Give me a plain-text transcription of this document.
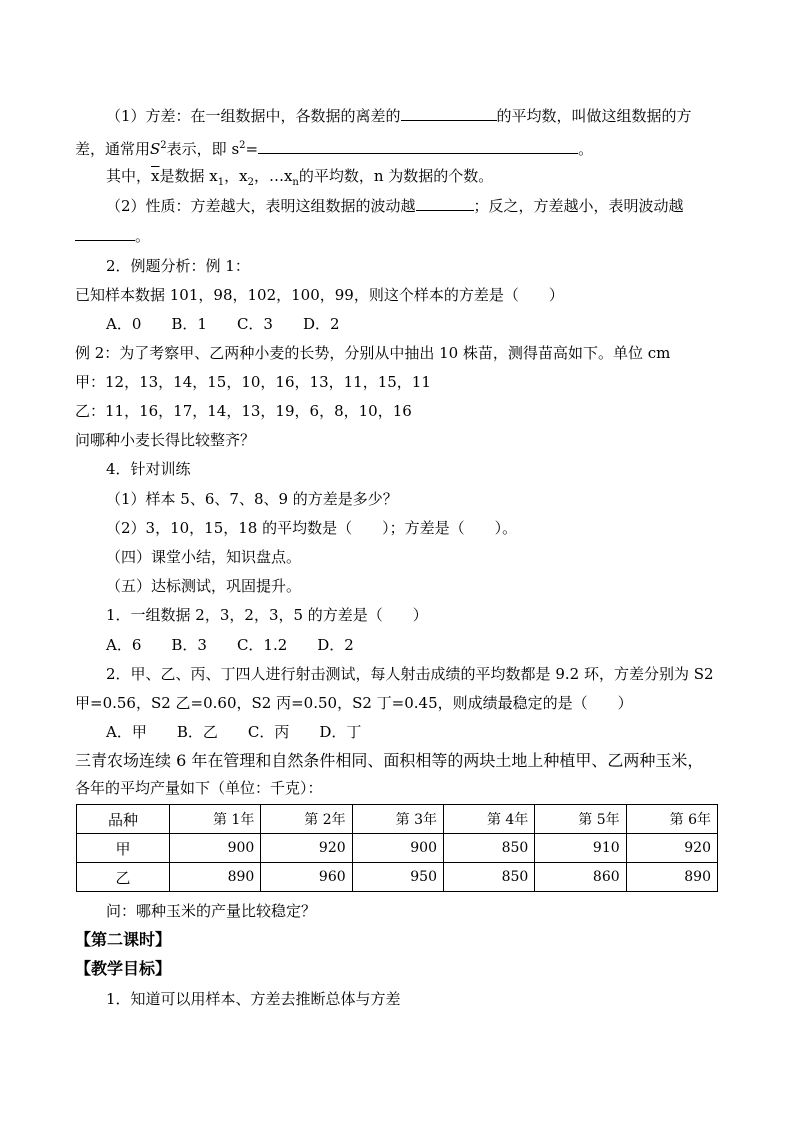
（1）方差：在一组数据中，各数据的离差的	的平均数，叫做这组数据的方
差，通常用$S^2$表示，即 $s^2=$	。
其中，$\overline{x}$是数据 $x_1$，$x_2$，$\dots x_n$的平均数，n 为数据的个数。
（2）性质：方差越大，表明这组数据的波动越	；反之，方差越小，表明波动越
。
2．例题分析：例 1：
已知样本数据 101，98，102，100，99，则这个样本的方差是（　　）
A．0　　B．1　　C．3　　D．2
例 2：为了考察甲、乙两种小麦的长势，分别从中抽出 10 株苗，测得苗高如下。单位 cm
甲：12，13，14，15，10，16，13，11，15，11
乙：11，16，17，14，13，19，6，8，10，16
问哪种小麦长得比较整齐？
4．针对训练
（1）样本 5、6、7、8、9 的方差是多少？
（2）3，10，15，18 的平均数是（　　）；方差是（　　）。
（四）课堂小结，知识盘点。
（五）达标测试，巩固提升。
1．一组数据 2，3，2，3，5 的方差是（　　）
A．6　　B．3　　C．1.2　　D．2
2．甲、乙、丙、丁四人进行射击测试，每人射击成绩的平均数都是 9.2 环，方差分别为 S2
甲=0.56，S2 乙=0.60，S2 丙=0.50，S2 丁=0.45，则成绩最稳定的是（　　）
A．甲　　B．乙　　C．丙　　D．丁
三青农场连续 6 年在管理和自然条件相同、面积相等的两块土地上种植甲、乙两种玉米，
各年的平均产量如下（单位：千克）：
品种	第 1年	第 2年	第 3年	第 4年	第 5年	第 6年
甲	900	920	900	850	910	920
乙	890	960	950	850	860	890
问：哪种玉米的产量比较稳定？
【第二课时】
【教学目标】
1．知道可以用样本、方差去推断总体与方差
